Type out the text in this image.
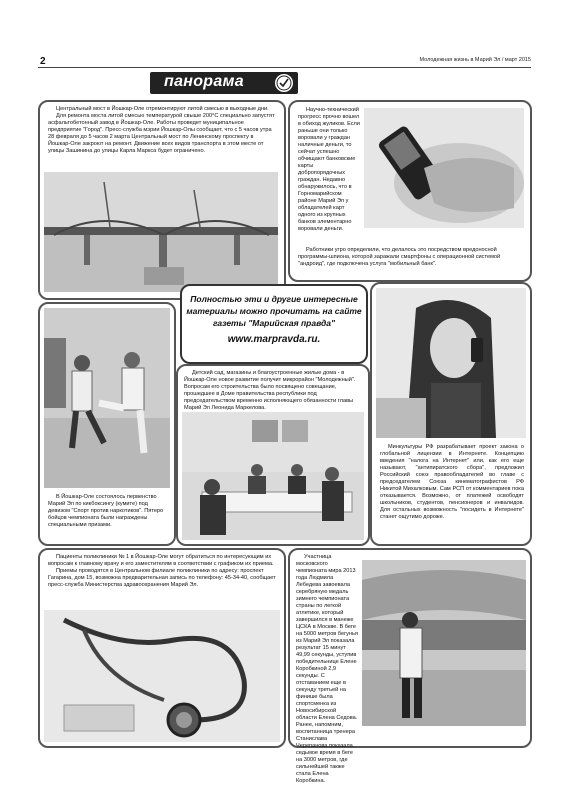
2	Молодежная жизнь в Марий Эл / март 2015
панорама

Центральный мост в Йошкар-Оле отремонтируют литой смесью в выходные дни.

Для ремонта моста литой смесью температурой свыше 200°С специально запустят асфальтобетонный завод в Йошкар-Оле. Работы проведет муниципальное предприятие "Город". Пресс-служба мэрии Йошкар-Олы сообщает, что с 5 часов утра 28 февраля до 5 часов 2 марта Центральный мост по Ленинскому проспекту в Йошкар-Оле закроют на ремонт. Движение всех видов транспорта в этом месте от улицы Зашинина до улицы Карла Маркса будет ограничено.

Научно-технический прогресс прочно вошел в обиход жуликов. Если раньше они только воровали у граждан наличные деньги, то сейчат успешно обчищают банковские карты добропорядочных граждан. Недавно обнаружилось, что в Горномарийском районе Марий Эл у обладателей карт одного из крупных банков элементарно воровали деньги.

Работники угро определили, что делалось это посредством вредоносной программы-шпиона, которой заражали смартфоны с операционной системой "андроид", где подключена услуга "мобильный банк".

Полностью эти и другие интересные
материалы можно прочитать на сайте
газеты "Марийская правда"
www.marpravda.ru.

В Йошкар-Оле состоялось первенство Марий Эл по кикбоксингу (кумите) под девизом "Спорт против наркотиков". Пятеро бойцов чемпионата были награждены специальными призами.

Детский сад, магазины и благоустроенные жилые дома - в Йошкар-Оле новое развитие получит микрорайон "Молодежный". Вопросам его строительства было посвящено совещание, прошедшее в Доме правительства республики под председательством временно исполняющего обязанности главы Марий Эл Леонида Маркелова.

Минкультуры РФ разрабатывает проект закона о глобальной лицензии в Интернете. Концепцию введения "налога на Интернет" или, как его еще называют, "антипиратского сбора", предложил Российский союз правообладателей во главе с председателем Союза кинематографистов РФ Никитой Михалковым. Сам РСП от комментариев пока отказывается. Возможно, от платежей освободят школьников, студентов, пенсионеров и инвалидов. Для остальных возможность "посидеть в Интернете" станет ощутимо дороже.

Пациенты поликлиники № 1 в Йошкар-Оле могут обратиться по интересующим их вопросам к главному врачу и его заместителям в соответствии с графиком их приема.

Приемы проводятся в Центральном филиале поликлиники по адресу: проспект Гагарина, дом 15, возможна предварительная запись по телефону: 45-34-40, сообщает пресс-служба Министерства здравоохранения Марий Эл.

Участница московского чемпионата мира 2013 года Людмила Лебедева завоевала серебряную медаль зимнего чемпионата страны по легкой атлетике, который завершился в манеже ЦСКА в Москве. В беге на 5000 метров бегунья из Марий Эл показала результат 15 минут 49,99 секунды, уступив победительнице Елене Коробкиной 2,9 секунды. С отставанием еще в секунду третьей на финише была спортсменка из Новосибирской области Елена Седова. Ранее, напомним, воспитанница тренера Станислава Черепанова показала седьмое время в беге на 3000 метров, где сильнейшей также стала Елена Коробкина.
